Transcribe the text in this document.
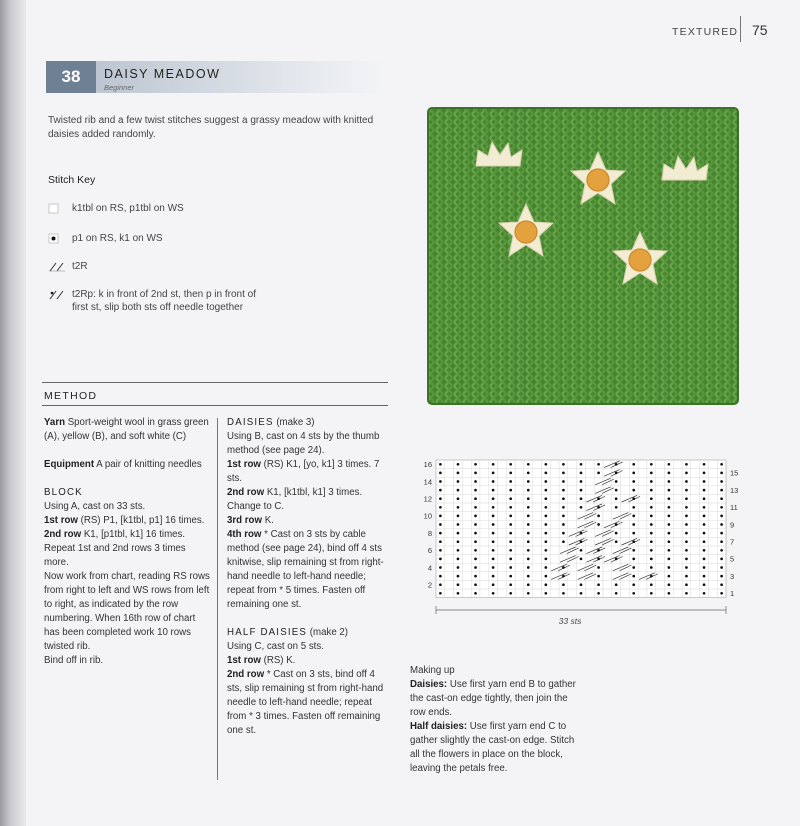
TEXTURED 75
38	DAISY MEADOW
Beginner
Twisted rib and a few twist stitches suggest a grassy meadow with knitted daisies added randomly.
Stitch Key
k1tbl on RS, p1tbl on WS
p1 on RS, k1 on WS
t2R
t2Rp: k in front of 2nd st, then p in front of first st, slip both sts off needle together
METHOD

Yarn Sport-weight wool in grass green (A), yellow (B), and soft white (C)

Equipment A pair of knitting needles

BLOCK

Using A, cast on 33 sts.

1st row (RS) P1, [k1tbl, p1] 16 times.

2nd row K1, [p1tbl, k1] 16 times.

Repeat 1st and 2nd rows 3 times more.

Now work from chart, reading RS rows from right to left and WS rows from left to right, as indicated by the row numbering. When 16th row of chart has been completed work 10 rows twisted rib.

Bind off in rib.

DAISIES (make 3)

Using B, cast on 4 sts by the thumb method (see page 24).

1st row (RS) K1, [yo, k1] 3 times. 7 sts.

2nd row K1, [k1tbl, k1] 3 times. Change to C.

3rd row K.

4th row * Cast on 3 sts by cable method (see page 24), bind off 4 sts knitwise, slip remaining st from right-hand needle to left-hand needle; repeat from * 5 times. Fasten off remaining one st.

HALF DAISIES (make 2)

Using C, cast on 5 sts.

1st row (RS) K.

2nd row * Cast on 3 sts, bind off 4 sts, slip remaining st from right-hand needle to left-hand needle; repeat from * 3 times. Fasten off remaining one st.

Making up

Daisies: Use first yarn end B to gather the cast-on edge tightly, then join the row ends.

Half daisies: Use first yarn end C to gather slightly the cast-on edge. Stitch all the flowers in place on the block, leaving the petals free.

16
14
12
10
8
6
4
2
15
13
11
9
7
5
3
1
33 sts
